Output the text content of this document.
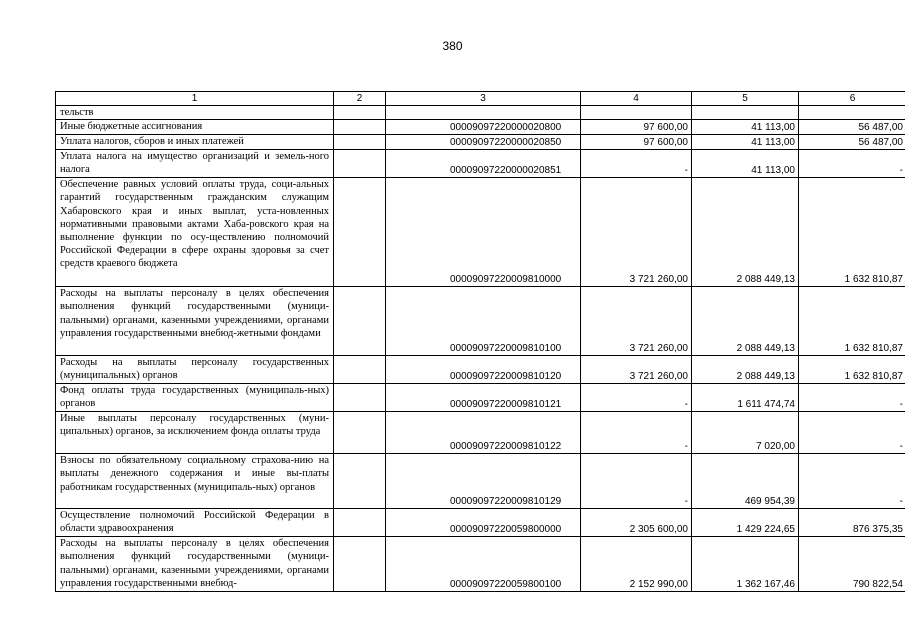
380
1	2	3	4	5	6
тельств					
Иные бюджетные ассигнования		00009097220000020800	97 600,00	41 113,00	56 487,00
Уплата налогов, сборов и иных платежей		00009097220000020850	97 600,00	41 113,00	56 487,00
Уплата налога на имущество организаций и земель-ного налога		00009097220000020851	-	41 113,00	-
Обеспечение равных условий оплаты труда, соци-альных гарантий государственным гражданским служащим Хабаровского края и иных выплат, уста-новленных нормативными правовыми актами Хаба-ровского края на выполнение функции по осу-ществлению полномочий Российской Федерации в сфере охраны здоровья за счет средств краевого бюджета		00009097220009810000	3 721 260,00	2 088 449,13	1 632 810,87
Расходы на выплаты персоналу в целях обеспечения выполнения функций государственными (муници-пальными) органами, казенными учреждениями, органами управления государственными внебюд-жетными фондами		00009097220009810100	3 721 260,00	2 088 449,13	1 632 810,87
Расходы на выплаты персоналу государственных (муниципальных) органов		00009097220009810120	3 721 260,00	2 088 449,13	1 632 810,87
Фонд оплаты труда государственных (муниципаль-ных) органов		00009097220009810121	-	1 611 474,74	-
Иные выплаты персоналу государственных (муни-ципальных) органов, за исключением фонда оплаты труда		00009097220009810122	-	7 020,00	-
Взносы по обязательному социальному страхова-нию на выплаты денежного содержания и иные вы-платы работникам государственных (муниципаль-ных) органов		00009097220009810129	-	469 954,39	-
Осуществление полномочий Российской Федерации в области здравоохранения		00009097220059800000	2 305 600,00	1 429 224,65	876 375,35
Расходы на выплаты персоналу в целях обеспечения выполнения функций государственными (муници-пальными) органами, казенными учреждениями, органами управления государственными внебюд-		00009097220059800100	2 152 990,00	1 362 167,46	790 822,54
